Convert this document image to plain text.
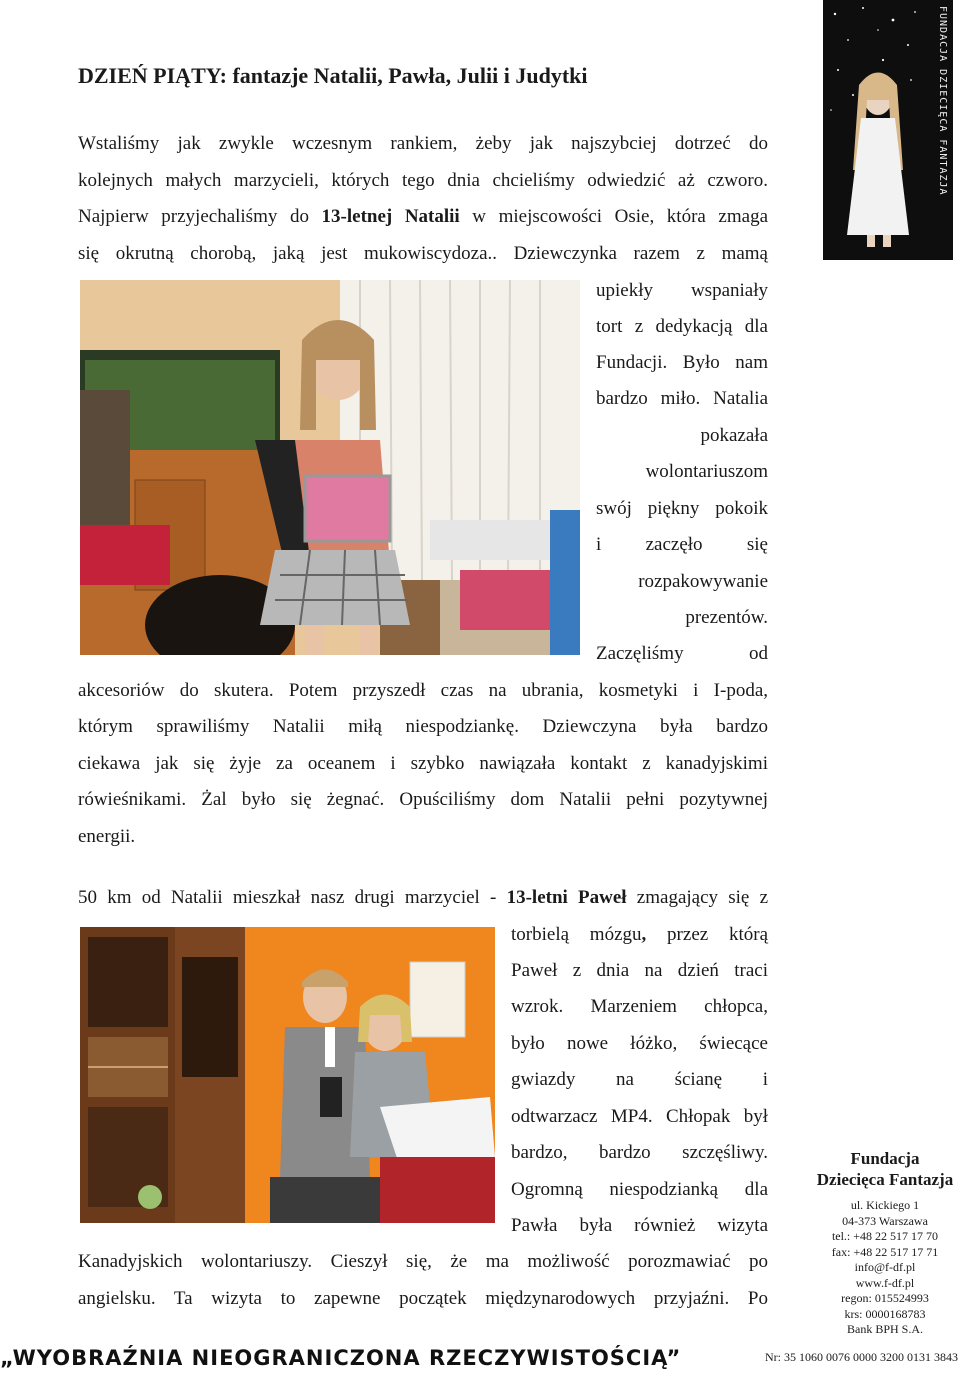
DZIEŃ PIĄTY: fantazje Natalii, Pawła, Julii i Judytki
Wstaliśmy jak zwykle wczesnym rankiem, żeby jak najszybciej dotrzeć do
kolejnych małych marzycieli, których tego dnia chcieliśmy odwiedzić aż czworo.
Najpierw przyjechaliśmy do 13-letnej Natalii w miejscowości Osie, która zmaga
się okrutną chorobą, jaką jest mukowiscydoza.. Dziewczynka razem z mamą
upiekły wspaniały
tort z dedykacją dla
Fundacji. Było nam
bardzo miło. Natalia
pokazała
wolontariuszom
swój piękny pokoik
i zaczęło się
rozpakowywanie
prezentów.
Zaczęliśmy od
akcesoriów do skutera. Potem przyszedł czas na ubrania, kosmetyki i I-poda,
którym sprawiliśmy Natalii miłą niespodziankę. Dziewczyna była bardzo
ciekawa jak się żyje za oceanem i szybko nawiązała kontakt z kanadyjskimi
rówieśnikami. Żal było się żegnać. Opuściliśmy dom Natalii pełni pozytywnej
energii.
50 km od Natalii mieszkał nasz drugi marzyciel - 13-letni Paweł zmagający się z
torbielą mózgu, przez którą
Paweł z dnia na dzień traci
wzrok. Marzeniem chłopca,
było nowe łóżko, świecące
gwiazdy na ścianę i
odtwarzacz MP4. Chłopak był
bardzo, bardzo szczęśliwy.
Ogromną niespodzianką dla
Pawła była również wizyta
Kanadyjskich wolontariuszy. Cieszył się, że ma możliwość porozmawiać po
angielsku. Ta wizyta to zapewne początek międzynarodowych przyjaźni. Po
FUNDACJA DZIECIĘCA FANTAZJA
Fundacja
Dziecięca Fantazja
ul. Kickiego 1
04-373 Warszawa
tel.: +48 22 517 17 70
fax: +48 22 517 17 71
info@f-df.pl
www.f-df.pl
regon: 015524993
krs: 0000168783
Bank BPH S.A.
Nr: 35 1060 0076 0000 3200 0131 3843
„WYOBRAŹNIA NIEOGRANICZONA RZECZYWISTOŚCIĄ”
